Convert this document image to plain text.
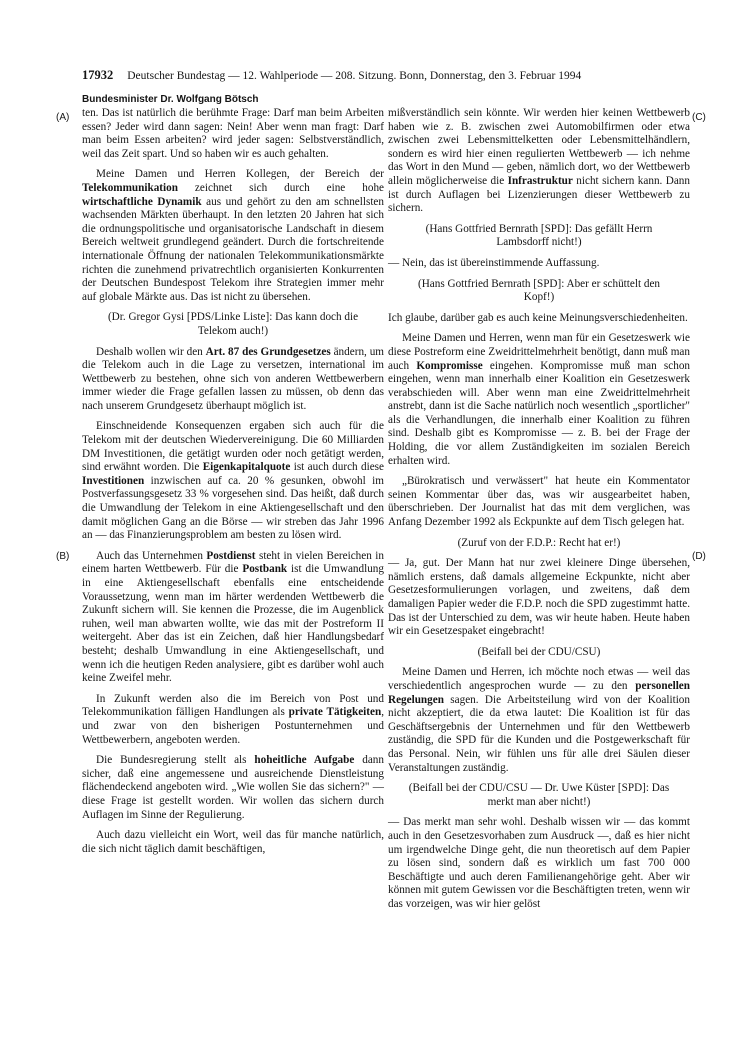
17932 Deutscher Bundestag — 12. Wahlperiode — 208. Sitzung. Bonn, Donnerstag, den 3. Februar 1994
Bundesminister Dr. Wolfgang Bötsch
(A)
(B)
(C)
(D)

ten. Das ist natürlich die berühmte Frage: Darf man beim Arbeiten essen? Jeder wird dann sagen: Nein! Aber wenn man fragt: Darf man beim Essen arbeiten? wird jeder sagen: Selbstverständlich, weil das Zeit spart. Und so haben wir es auch gehalten.

Meine Damen und Herren Kollegen, der Bereich der Telekommunikation zeichnet sich durch eine hohe wirtschaftliche Dynamik aus und gehört zu den am schnellsten wachsenden Märkten überhaupt. In den letzten 20 Jahren hat sich die ordnungspolitische und organisatorische Landschaft in diesem Bereich weltweit grundlegend geändert. Durch die fortschreitende internationale Öffnung der nationalen Telekommunikationsmärkte richten die zunehmend privatrechtlich organisierten Konkurrenten der Deutschen Bundespost Telekom ihre Strategien immer mehr auf globale Märkte aus. Das ist nicht zu übersehen.

(Dr. Gregor Gysi [PDS/Linke Liste]: Das kann doch die Telekom auch!)

Deshalb wollen wir den Art. 87 des Grundgesetzes ändern, um die Telekom auch in die Lage zu versetzen, international im Wettbewerb zu bestehen, ohne sich von anderen Wettbewerbern immer wieder die Frage gefallen lassen zu müssen, ob denn das nach unserem Grundgesetz überhaupt möglich ist.

Einschneidende Konsequenzen ergaben sich auch für die Telekom mit der deutschen Wiedervereinigung. Die 60 Milliarden DM Investitionen, die getätigt wurden oder noch getätigt werden, sind erwähnt worden. Die Eigenkapitalquote ist auch durch diese Investitionen inzwischen auf ca. 20 % gesunken, obwohl im Postverfassungsgesetz 33 % vorgesehen sind. Das heißt, daß durch die Umwandlung der Telekom in eine Aktiengesellschaft und den damit möglichen Gang an die Börse — wir streben das Jahr 1996 an — das Finanzierungsproblem am besten zu lösen wird.

Auch das Unternehmen Postdienst steht in vielen Bereichen in einem harten Wettbewerb. Für die Postbank ist die Umwandlung in eine Aktiengesellschaft ebenfalls eine entscheidende Voraussetzung, wenn man im härter werdenden Wettbewerb die Zukunft sichern will. Sie kennen die Prozesse, die im Augenblick ruhen, weil man abwarten wollte, wie das mit der Postreform II weitergeht. Aber das ist ein Zeichen, daß hier Handlungsbedarf besteht; deshalb Umwandlung in eine Aktiengesellschaft, und wenn ich die heutigen Reden analysiere, gibt es darüber wohl auch keine Zweifel mehr.

In Zukunft werden also die im Bereich von Post und Telekommunikation fälligen Handlungen als private Tätigkeiten, und zwar von den bisherigen Postunternehmen und Wettbewerbern, angeboten werden.

Die Bundesregierung stellt als hoheitliche Aufgabe dann sicher, daß eine angemessene und ausreichende Dienstleistung flächendeckend angeboten wird. „Wie wollen Sie das sichern?" — diese Frage ist gestellt worden. Wir wollen das sichern durch Auflagen im Sinne der Regulierung.

Auch dazu vielleicht ein Wort, weil das für manche natürlich, die sich nicht täglich damit beschäftigen,

mißverständlich sein könnte. Wir werden hier keinen Wettbewerb haben wie z. B. zwischen zwei Automobilfirmen oder etwa zwischen zwei Lebensmittelketten oder Lebensmittelhändlern, sondern es wird hier einen regulierten Wettbewerb — ich nehme das Wort in den Mund — geben, nämlich dort, wo der Wettbewerb allein möglicherweise die Infrastruktur nicht sichern kann. Dann ist durch Auflagen bei Lizenzierungen dieser Wettbewerb zu sichern.

(Hans Gottfried Bernrath [SPD]: Das gefällt Herrn Lambsdorff nicht!)

— Nein, das ist übereinstimmende Auffassung.

(Hans Gottfried Bernrath [SPD]: Aber er schüttelt den Kopf!)

Ich glaube, darüber gab es auch keine Meinungsverschiedenheiten.

Meine Damen und Herren, wenn man für ein Gesetzeswerk wie diese Postreform eine Zweidrittelmehrheit benötigt, dann muß man auch Kompromisse eingehen. Kompromisse muß man schon eingehen, wenn man innerhalb einer Koalition ein Gesetzeswerk verabschieden will. Aber wenn man eine Zweidrittelmehrheit anstrebt, dann ist die Sache natürlich noch wesentlich „sportlicher" als die Verhandlungen, die innerhalb einer Koalition zu führen sind. Deshalb gibt es Kompromisse — z. B. bei der Frage der Holding, die vor allem Zuständigkeiten im sozialen Bereich erhalten wird.

„Bürokratisch und verwässert" hat heute ein Kommentator seinen Kommentar über das, was wir ausgearbeitet haben, überschrieben. Der Journalist hat das mit dem verglichen, was Anfang Dezember 1992 als Eckpunkte auf dem Tisch gelegen hat.

(Zuruf von der F.D.P.: Recht hat er!)

— Ja, gut. Der Mann hat nur zwei kleinere Dinge übersehen, nämlich erstens, daß damals allgemeine Eckpunkte, nicht aber Gesetzesformulierungen vorlagen, und zweitens, daß dem damaligen Papier weder die F.D.P. noch die SPD zugestimmt hatte. Das ist der Unterschied zu dem, was wir heute haben. Heute haben wir ein Gesetzespaket eingebracht!

(Beifall bei der CDU/CSU)

Meine Damen und Herren, ich möchte noch etwas — weil das verschiedentlich angesprochen wurde — zu den personellen Regelungen sagen. Die Arbeitsteilung wird von der Koalition nicht akzeptiert, die da etwa lautet: Die Koalition ist für das Geschäftsergebnis der Unternehmen und für den Wettbewerb zuständig, die SPD für die Kunden und die Postgewerkschaft für das Personal. Nein, wir fühlen uns für alle drei Säulen dieser Veranstaltungen zuständig.

(Beifall bei der CDU/CSU — Dr. Uwe Küster [SPD]: Das merkt man aber nicht!)

— Das merkt man sehr wohl. Deshalb wissen wir — das kommt auch in den Gesetzesvorhaben zum Ausdruck —, daß es hier nicht um irgendwelche Dinge geht, die nun theoretisch auf dem Papier zu lösen sind, sondern daß es wirklich um fast 700 000 Beschäftigte und auch deren Familienangehörige geht. Aber wir können mit gutem Gewissen vor die Beschäftigten treten, wenn wir das vorzeigen, was wir hier gelöst
